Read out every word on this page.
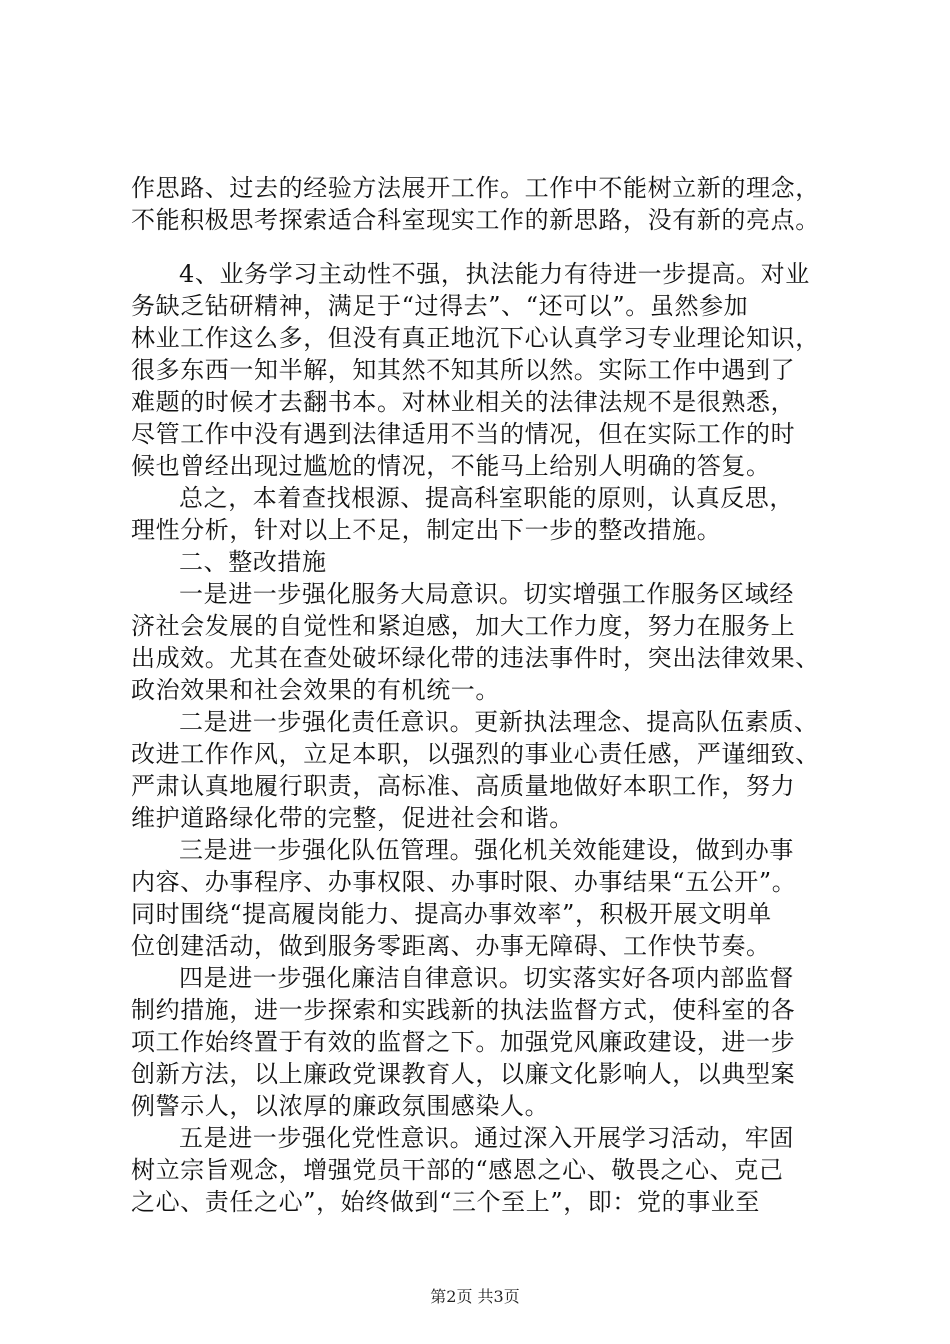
作思路、过去的经验方法展开工作。工作中不能树立新的理念，
不能积极思考探索适合科室现实工作的新思路，没有新的亮点。
4、业务学习主动性不强，执法能力有待进一步提高。对业
务缺乏钻研精神，满足于“过得去”、“还可以”。虽然参加
林业工作这么多，但没有真正地沉下心认真学习专业理论知识，
很多东西一知半解，知其然不知其所以然。实际工作中遇到了
难题的时候才去翻书本。对林业相关的法律法规不是很熟悉，
尽管工作中没有遇到法律适用不当的情况，但在实际工作的时
候也曾经出现过尴尬的情况，不能马上给别人明确的答复。
总之，本着查找根源、提高科室职能的原则，认真反思，
理性分析，针对以上不足，制定出下一步的整改措施。
二、整改措施
一是进一步强化服务大局意识。切实增强工作服务区域经
济社会发展的自觉性和紧迫感，加大工作力度，努力在服务上
出成效。尤其在查处破坏绿化带的违法事件时，突出法律效果、
政治效果和社会效果的有机统一。
二是进一步强化责任意识。更新执法理念、提高队伍素质、
改进工作作风，立足本职，以强烈的事业心责任感，严谨细致、
严肃认真地履行职责，高标准、高质量地做好本职工作，努力
维护道路绿化带的完整，促进社会和谐。
三是进一步强化队伍管理。强化机关效能建设，做到办事
内容、办事程序、办事权限、办事时限、办事结果“五公开”。
同时围绕“提高履岗能力、提高办事效率”，积极开展文明单
位创建活动，做到服务零距离、办事无障碍、工作快节奏。
四是进一步强化廉洁自律意识。切实落实好各项内部监督
制约措施，进一步探索和实践新的执法监督方式，使科室的各
项工作始终置于有效的监督之下。加强党风廉政建设，进一步
创新方法，以上廉政党课教育人，以廉文化影响人，以典型案
例警示人，以浓厚的廉政氛围感染人。
五是进一步强化党性意识。通过深入开展学习活动，牢固
树立宗旨观念，增强党员干部的“感恩之心、敬畏之心、克己
之心、责任之心”，始终做到“三个至上”，即：党的事业至
第2页 共3页
